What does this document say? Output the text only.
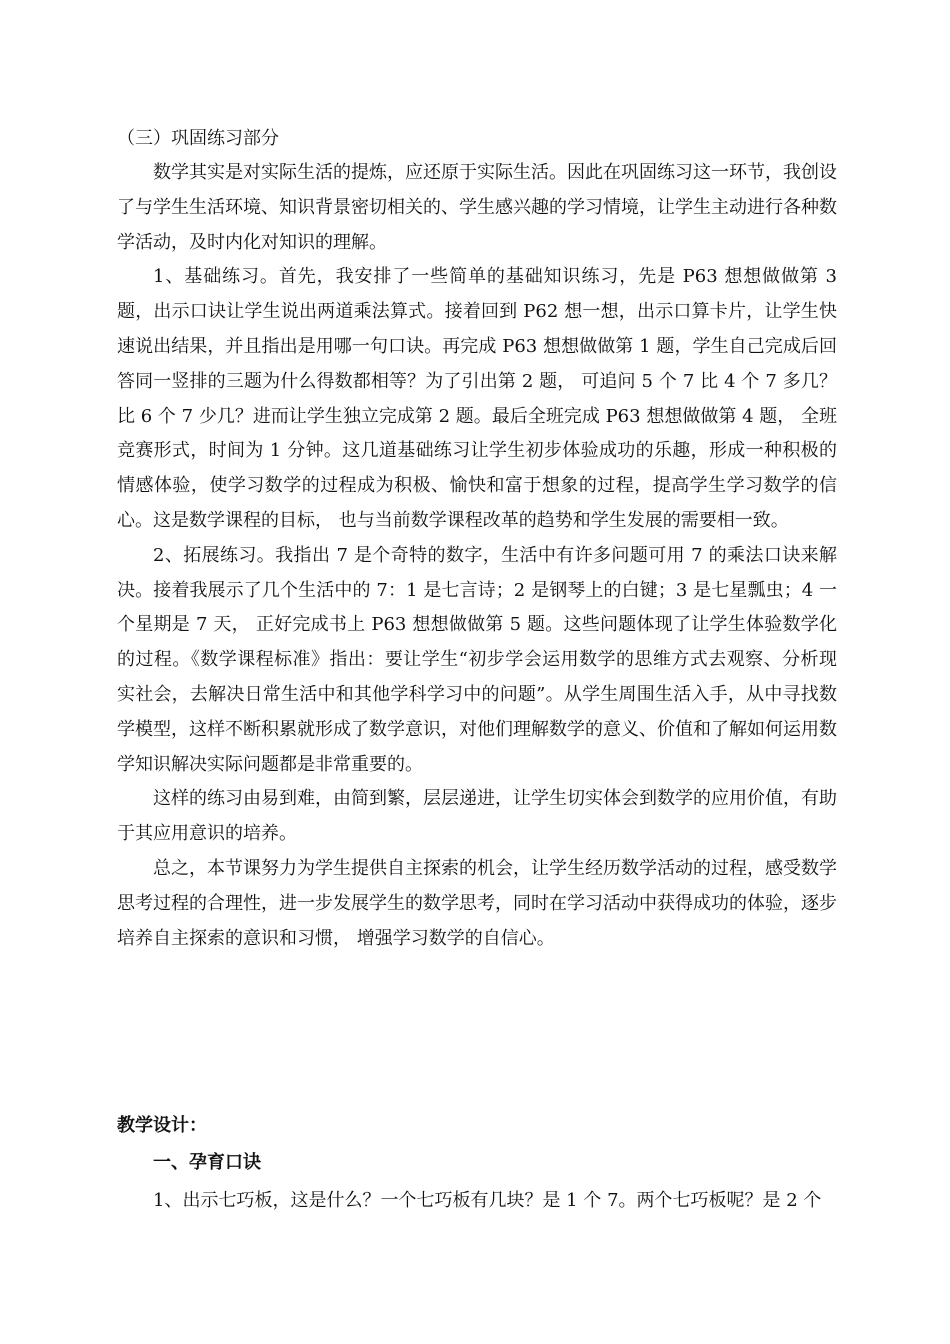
（三）巩固练习部分

数学其实是对实际生活的提炼，应还原于实际生活。因此在巩固练习这一环节，我创设了与学生生活环境、知识背景密切相关的、学生感兴趣的学习情境，让学生主动进行各种数学活动，及时内化对知识的理解。

1、基础练习。首先，我安排了一些简单的基础知识练习，先是 P63 想想做做第 3 题，出示口诀让学生说出两道乘法算式。接着回到 P62 想一想，出示口算卡片，让学生快速说出结果，并且指出是用哪一句口诀。再完成 P63 想想做做第 1 题，学生自己完成后回答同一竖排的三题为什么得数都相等？为了引出第 2 题， 可追问 5 个 7 比 4 个 7 多几？比 6 个 7 少几？进而让学生独立完成第 2 题。最后全班完成 P63 想想做做第 4 题， 全班竞赛形式，时间为 1 分钟。这几道基础练习让学生初步体验成功的乐趣，形成一种积极的情感体验，使学习数学的过程成为积极、愉快和富于想象的过程，提高学生学习数学的信心。这是数学课程的目标， 也与当前数学课程改革的趋势和学生发展的需要相一致。

2、拓展练习。我指出 7 是个奇特的数字，生活中有许多问题可用 7 的乘法口诀来解决。接着我展示了几个生活中的 7：1 是七言诗；2 是钢琴上的白键；3 是七星瓢虫；4 一个星期是 7 天， 正好完成书上 P63 想想做做第 5 题。这些问题体现了让学生体验数学化的过程。《数学课程标准》指出：要让学生“初步学会运用数学的思维方式去观察、分析现实社会，去解决日常生活中和其他学科学习中的问题”。从学生周围生活入手，从中寻找数学模型，这样不断积累就形成了数学意识，对他们理解数学的意义、价值和了解如何运用数学知识解决实际问题都是非常重要的。

这样的练习由易到难，由简到繁，层层递进，让学生切实体会到数学的应用价值，有助于其应用意识的培养。

总之，本节课努力为学生提供自主探索的机会，让学生经历数学活动的过程，感受数学思考过程的合理性，进一步发展学生的数学思考，同时在学习活动中获得成功的体验，逐步培养自主探索的意识和习惯， 增强学习数学的自信心。

教学设计：

一、孕育口诀

1、出示七巧板，这是什么？一个七巧板有几块？是 1 个 7。两个七巧板呢？是 2 个
